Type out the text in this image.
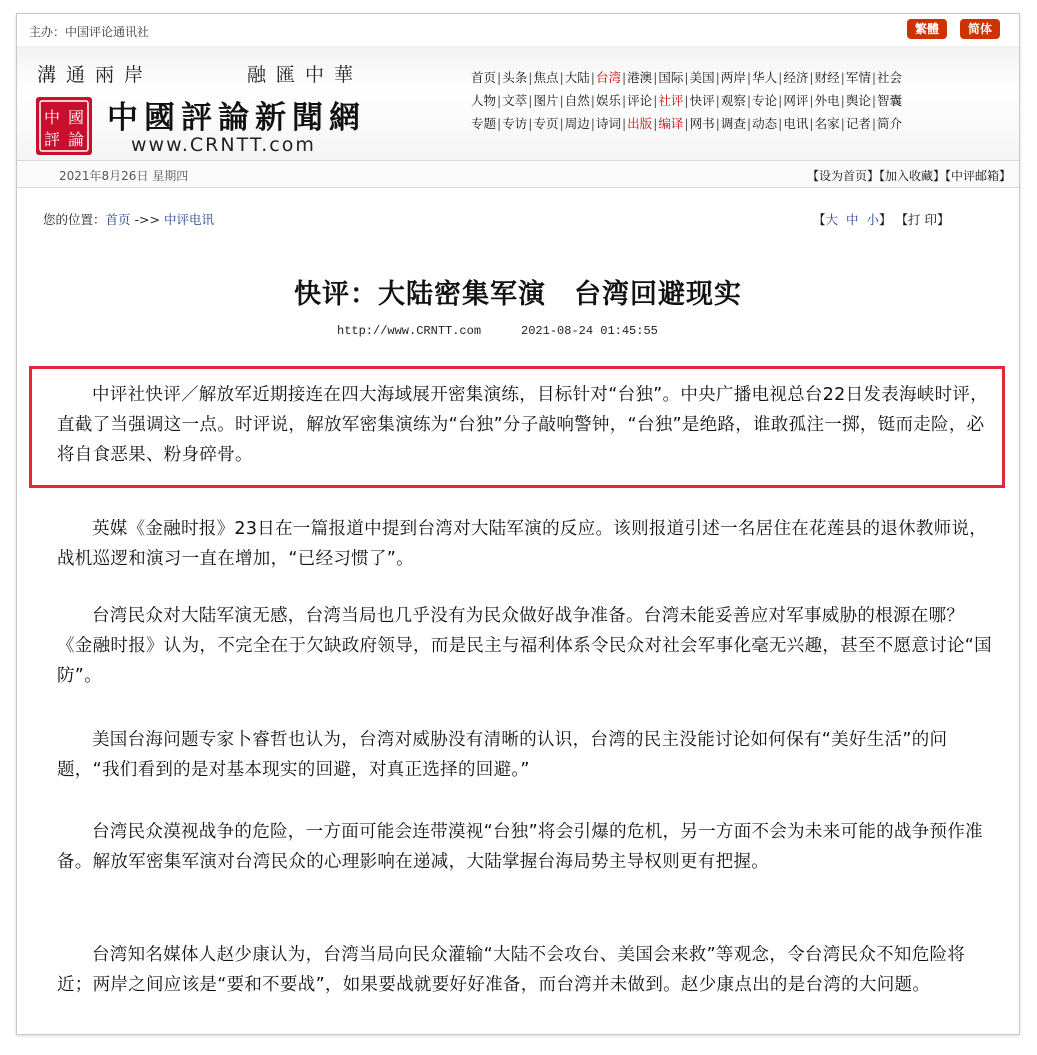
主办：中国评论通讯社	繁體	简体
溝通兩岸	融匯中華
中 國
評 論
中國評論新聞網
www.CRNTT.com
首页|头条|焦点|大陆|台湾|港澳|国际|美国|两岸|华人|经济|财经|军情|社会
人物|文萃|图片|自然|娱乐|评论|社评|快评|观察|专论|网评|外电|舆论|智囊
专题|专访|专页|周边|诗词|出版|编译|网书|调查|动态|电讯|名家|记者|简介
2021年8月26日 星期四	【设为首页】【加入收藏】【中评邮箱】
您的位置：首页 ->> 中评电讯	【大 中 小】 【打 印】
快评：大陆密集军演　台湾回避现实
http://www.CRNTT.com	2021-08-24 01:45:55
中评社快评／解放军近期接连在四大海域展开密集演练，目标针对“台独”。中央广播电视总台22日发表海峡时评，直截了当强调这一点。时评说，解放军密集演练为“台独”分子敲响警钟，“台独”是绝路，谁敢孤注一掷，铤而走险，必将自食恶果、粉身碎骨。
英媒《金融时报》23日在一篇报道中提到台湾对大陆军演的反应。该则报道引述一名居住在花莲县的退休教师说，战机巡逻和演习一直在增加，“已经习惯了”。
台湾民众对大陆军演无感，台湾当局也几乎没有为民众做好战争准备。台湾未能妥善应对军事威胁的根源在哪？《金融时报》认为，不完全在于欠缺政府领导，而是民主与福利体系令民众对社会军事化毫无兴趣，甚至不愿意讨论“国防”。
美国台海问题专家卜睿哲也认为，台湾对威胁没有清晰的认识，台湾的民主没能讨论如何保有“美好生活”的问题，“我们看到的是对基本现实的回避，对真正选择的回避。”
台湾民众漠视战争的危险，一方面可能会连带漠视“台独”将会引爆的危机，另一方面不会为未来可能的战争预作准备。解放军密集军演对台湾民众的心理影响在递减，大陆掌握台海局势主导权则更有把握。
台湾知名媒体人赵少康认为，台湾当局向民众灌输“大陆不会攻台、美国会来救”等观念，令台湾民众不知危险将近；两岸之间应该是“要和不要战”，如果要战就要好好准备，而台湾并未做到。赵少康点出的是台湾的大问题。
